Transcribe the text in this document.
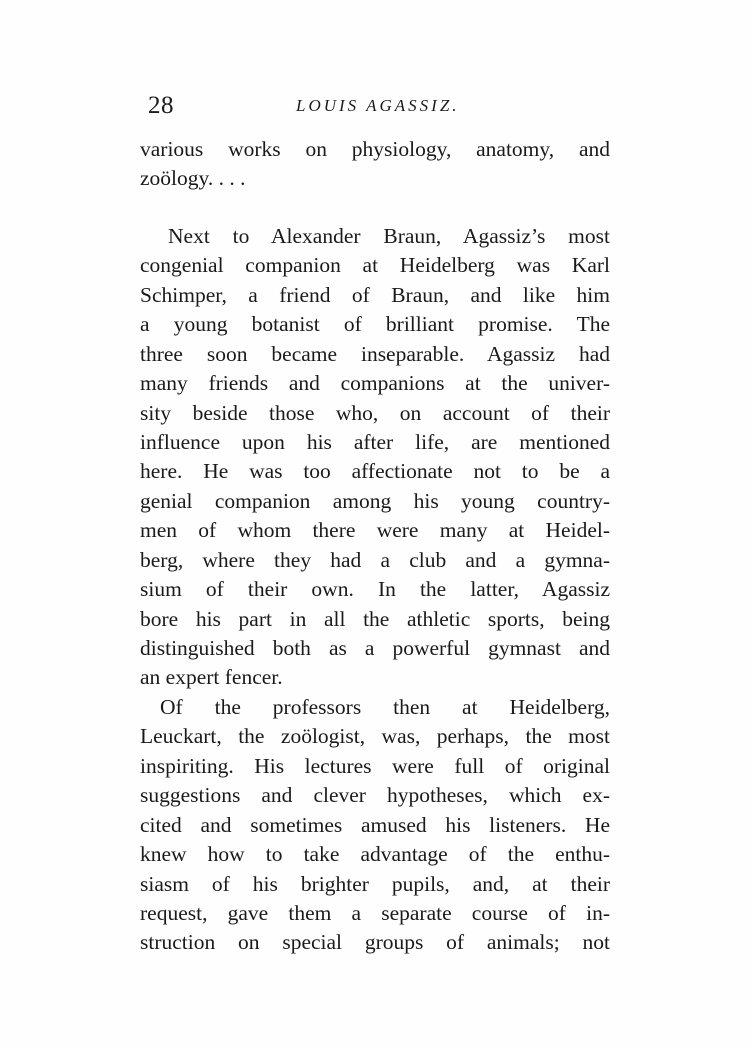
28	LOUIS AGASSIZ.
various works on physiology, anatomy, and
zoölogy. . . .
Next to Alexander Braun, Agassiz’s most
congenial companion at Heidelberg was Karl
Schimper, a friend of Braun, and like him
a young botanist of brilliant promise. The
three soon became inseparable. Agassiz had
many friends and companions at the univer-
sity beside those who, on account of their
influence upon his after life, are mentioned
here. He was too affectionate not to be a
genial companion among his young country-
men of whom there were many at Heidel-
berg, where they had a club and a gymna-
sium of their own. In the latter, Agassiz
bore his part in all the athletic sports, being
distinguished both as a powerful gymnast and
an expert fencer.
Of the professors then at Heidelberg,
Leuckart, the zoölogist, was, perhaps, the most
inspiriting. His lectures were full of original
suggestions and clever hypotheses, which ex-
cited and sometimes amused his listeners. He
knew how to take advantage of the enthu-
siasm of his brighter pupils, and, at their
request, gave them a separate course of in-
struction on special groups of animals; not
